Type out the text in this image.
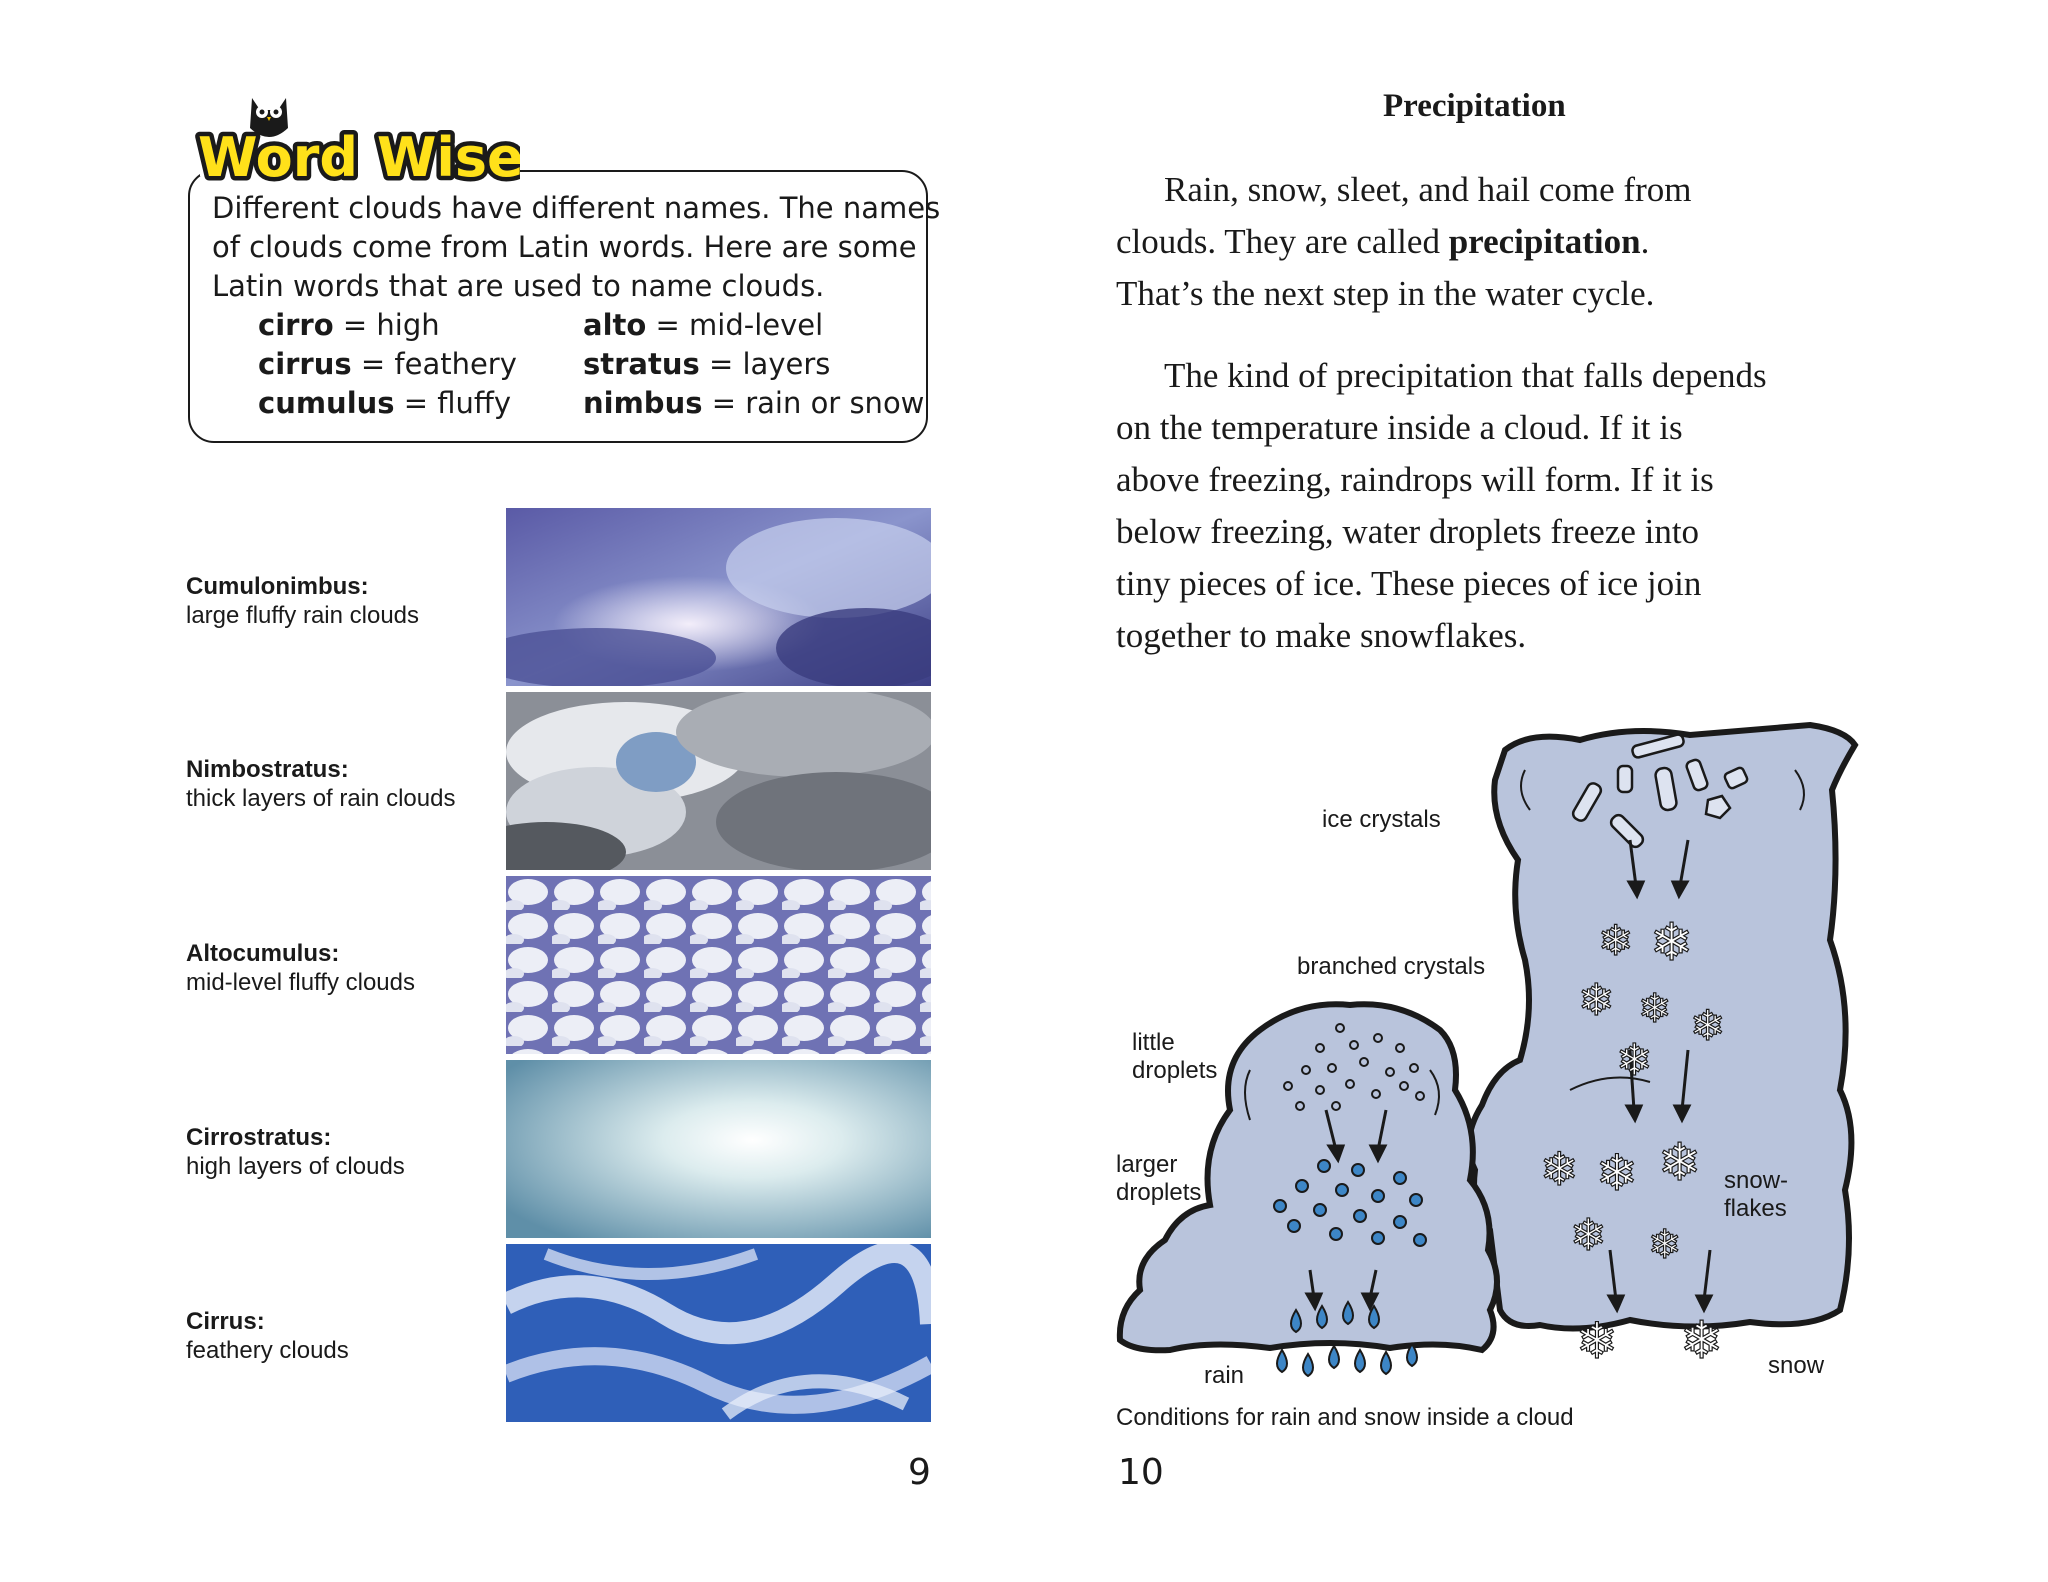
Word Wise
Different clouds have different names. The names
of clouds come from Latin words. Here are some
Latin words that are used to name clouds.
cirro = high
cirrus = feathery
cumulus = fluffy
alto = mid-level
stratus = layers
nimbus = rain or snow
Cumulonimbus:
large fluffy rain clouds
Nimbostratus:
thick layers of rain clouds
Altocumulus:
mid-level fluffy clouds
Cirrostratus:
high layers of clouds
Cirrus:
feathery clouds
9
Precipitation
Rain, snow, sleet, and hail come from
clouds. They are called precipitation.
That’s the next step in the water cycle.
The kind of precipitation that falls depends
on the temperature inside a cloud. If it is
above freezing, raindrops will form. If it is
below freezing, water droplets freeze into
tiny pieces of ice. These pieces of ice join
together to make snowflakes.
❄ ❄
❄ ❄ ❄
❄
❄ ❄ ❄
❄ ❄
❄ ❄
ice crystals
branched crystals
little
droplets
larger
droplets	snow-
flakes
rain	snow
Conditions for rain and snow inside a cloud
10
